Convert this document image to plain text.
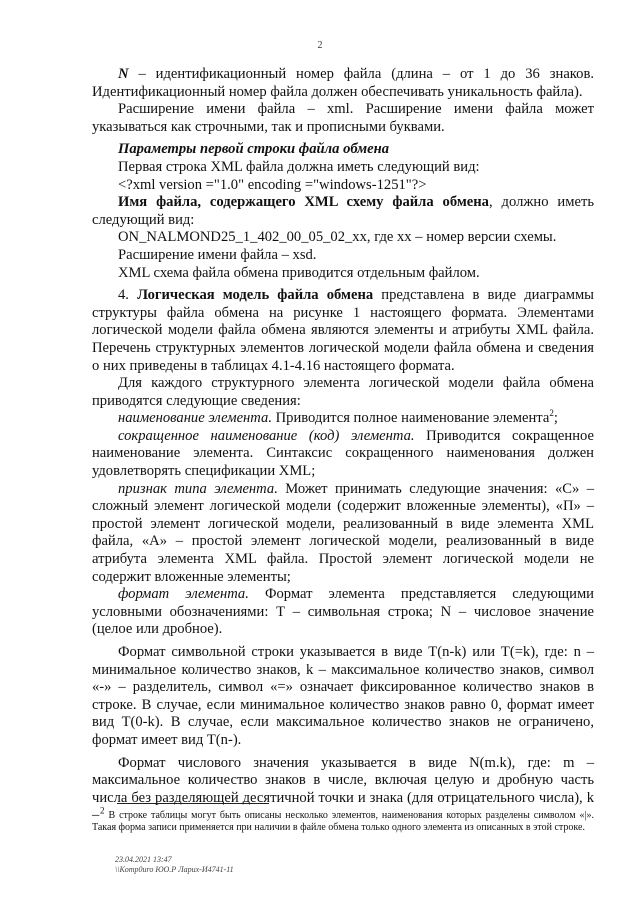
2

N – идентификационный номер файла (длина – от 1 до 36 знаков. Идентификационный номер файла должен обеспечивать уникальность файла).

Расширение имени файла – xml. Расширение имени файла может указываться как строчными, так и прописными буквами.

Параметры первой строки файла обмена

Первая строка XML файла должна иметь следующий вид:

<?xml version ="1.0" encoding ="windows-1251"?>

Имя файла, содержащего XML схему файла обмена, должно иметь следующий вид:

ON_NALMOND25_1_402_00_05_02_xx, где xx – номер версии схемы.

Расширение имени файла – xsd.

XML схема файла обмена приводится отдельным файлом.

4. Логическая модель файла обмена представлена в виде диаграммы структуры файла обмена на рисунке 1 настоящего формата. Элементами логической модели файла обмена являются элементы и атрибуты XML файла. Перечень структурных элементов логической модели файла обмена и сведения о них приведены в таблицах 4.1-4.16 настоящего формата.

Для каждого структурного элемента логической модели файла обмена приводятся следующие сведения:

наименование элемента. Приводится полное наименование элемента$^2$;

сокращенное наименование (код) элемента. Приводится сокращенное наименование элемента. Синтаксис сокращенного наименования должен удовлетворять спецификации XML;

признак типа элемента. Может принимать следующие значения: «С» – сложный элемент логической модели (содержит вложенные элементы), «П» – простой элемент логической модели, реализованный в виде элемента XML файла, «А» – простой элемент логической модели, реализованный в виде атрибута элемента XML файла. Простой элемент логической модели не содержит вложенные элементы;

формат элемента. Формат элемента представляется следующими условными обозначениями: Т – символьная строка; N – числовое значение (целое или дробное).

Формат символьной строки указывается в виде Т(n-k) или Т(=k), где: n – минимальное количество знаков, k – максимальное количество знаков, символ «-» – разделитель, символ «=» означает фиксированное количество знаков в строке. В случае, если минимальное количество знаков равно 0, формат имеет вид Т(0-k). В случае, если максимальное количество знаков не ограничено, формат имеет вид Т(n-).

Формат числового значения указывается в виде N(m.k), где: m – максимальное количество знаков в числе, включая целую и дробную часть числа без разделяющей десятичной точки и знака (для отрицательного числа), k – $^2$ В строке таблицы могут быть описаны несколько элементов, наименования которых разделены символом «|». Такая форма записи применяется при наличии в файле обмена только одного элемента из описанных в этой строке.

23.04.2021 13:47
\\Komp0uro ЮО.Р Ларих-И4741-11
